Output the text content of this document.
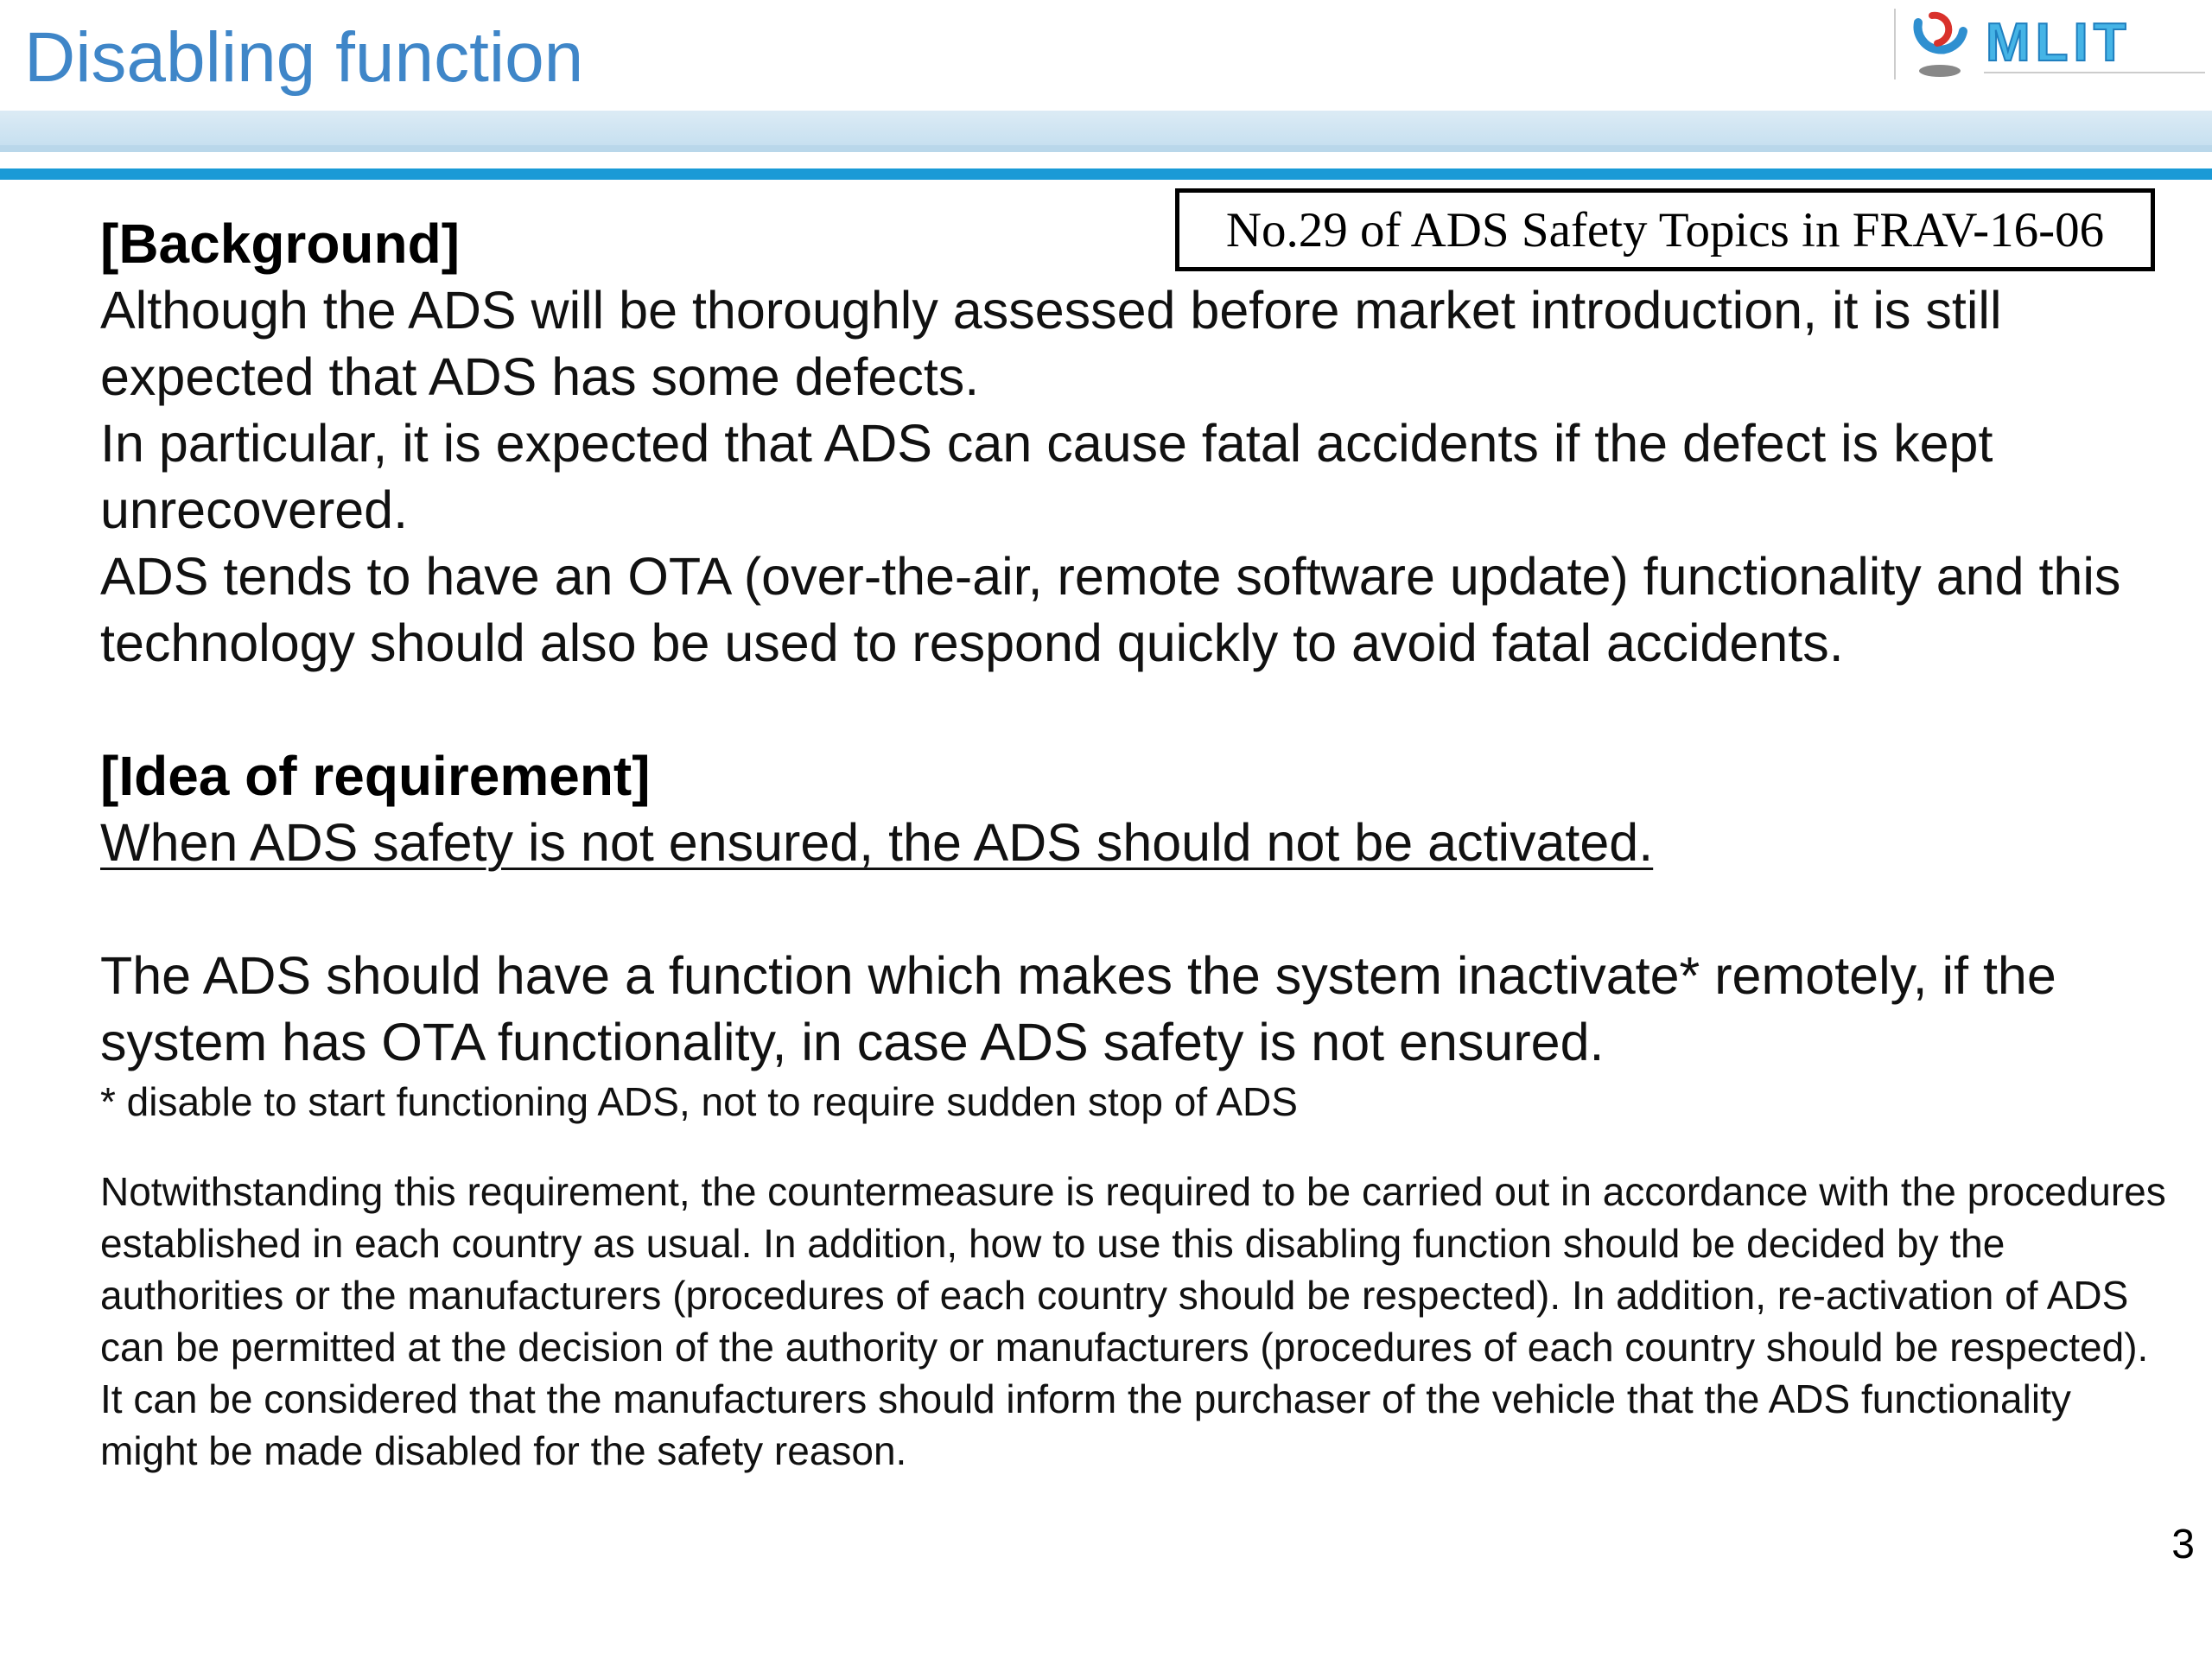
Disabling function	MLIT
No.29 of ADS Safety Topics in FRAV-16-06

[Background]

Although the ADS will be thoroughly assessed before market introduction, it is still expected that ADS has some defects.

In particular, it is expected that ADS can cause fatal accidents if the defect is kept unrecovered.

ADS tends to have an OTA (over-the-air, remote software update) functionality and this technology should also be used to respond quickly to avoid fatal accidents.

[Idea of requirement]

When ADS safety is not ensured, the ADS should not be activated.

The ADS should have a function which makes the system inactivate* remotely, if the system has OTA functionality, in case ADS safety is not ensured.

* disable to start functioning ADS, not to require sudden stop of ADS

Notwithstanding this requirement, the countermeasure is required to be carried out in accordance with the procedures established in each country as usual. In addition, how to use this disabling function should be decided by the authorities or the manufacturers (procedures of each country should be respected). In addition, re-activation of ADS can be permitted at the decision of the authority or manufacturers (procedures of each country should be respected).

It can be considered that the manufacturers should inform the purchaser of the vehicle that the ADS functionality might be made disabled for the safety reason.

3
